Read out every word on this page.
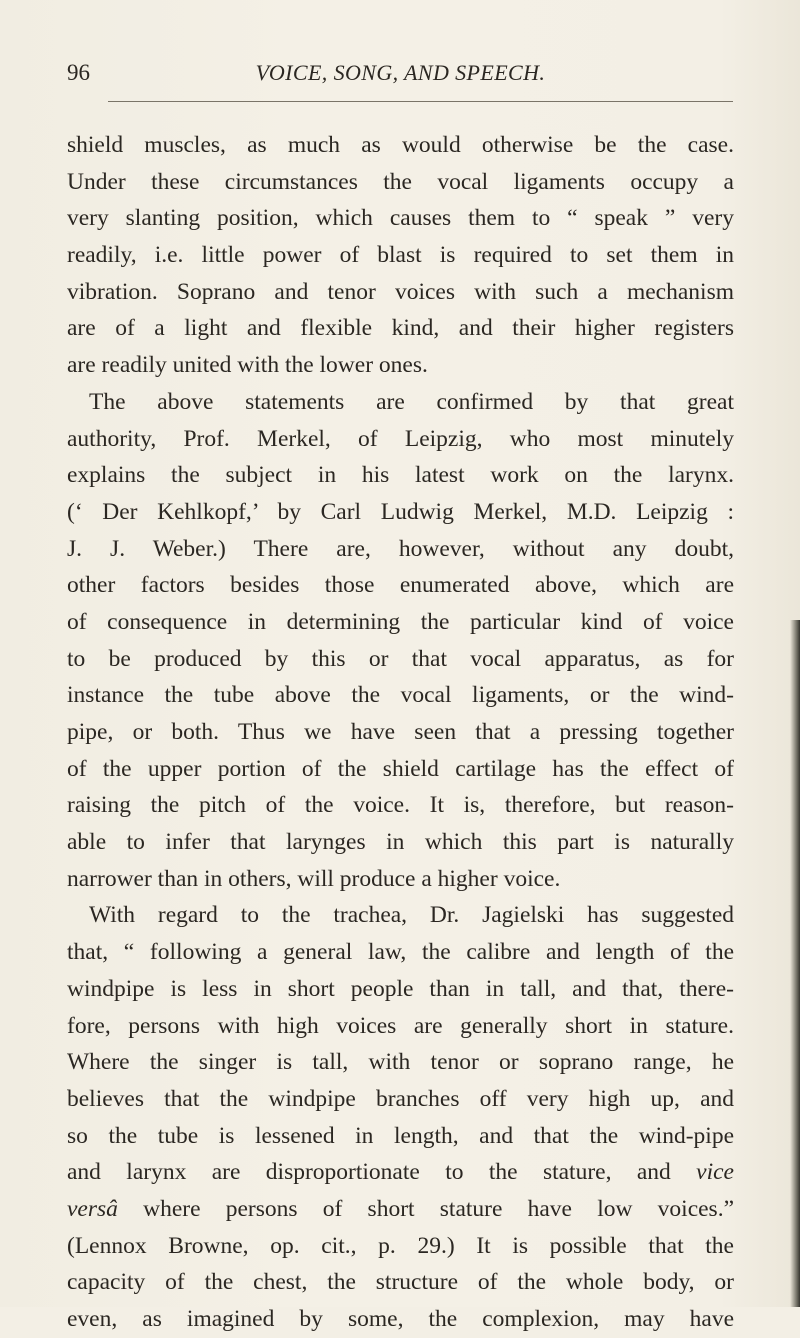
96	VOICE, SONG, AND SPEECH.
shield muscles, as much as would otherwise be the case.
Under these circumstances the vocal ligaments occupy a
very slanting position, which causes them to “ speak ” very
readily, i.e. little power of blast is required to set them in
vibration. Soprano and tenor voices with such a mechanism
are of a light and flexible kind, and their higher registers
are readily united with the lower ones.
The above statements are confirmed by that great
authority, Prof. Merkel, of Leipzig, who most minutely
explains the subject in his latest work on the larynx.
(‘ Der Kehlkopf,’ by Carl Ludwig Merkel, M.D. Leipzig :
J. J. Weber.) There are, however, without any doubt,
other factors besides those enumerated above, which are
of consequence in determining the particular kind of voice
to be produced by this or that vocal apparatus, as for
instance the tube above the vocal ligaments, or the wind-
pipe, or both. Thus we have seen that a pressing together
of the upper portion of the shield cartilage has the effect of
raising the pitch of the voice. It is, therefore, but reason-
able to infer that larynges in which this part is naturally
narrower than in others, will produce a higher voice.
With regard to the trachea, Dr. Jagielski has suggested
that, “ following a general law, the calibre and length of the
windpipe is less in short people than in tall, and that, there-
fore, persons with high voices are generally short in stature.
Where the singer is tall, with tenor or soprano range, he
believes that the windpipe branches off very high up, and
so the tube is lessened in length, and that the wind-pipe
and larynx are disproportionate to the stature, and vice
versâ where persons of short stature have low voices.”
(Lennox Browne, op. cit., p. 29.) It is possible that the
capacity of the chest, the structure of the whole body, or
even, as imagined by some, the complexion, may have
